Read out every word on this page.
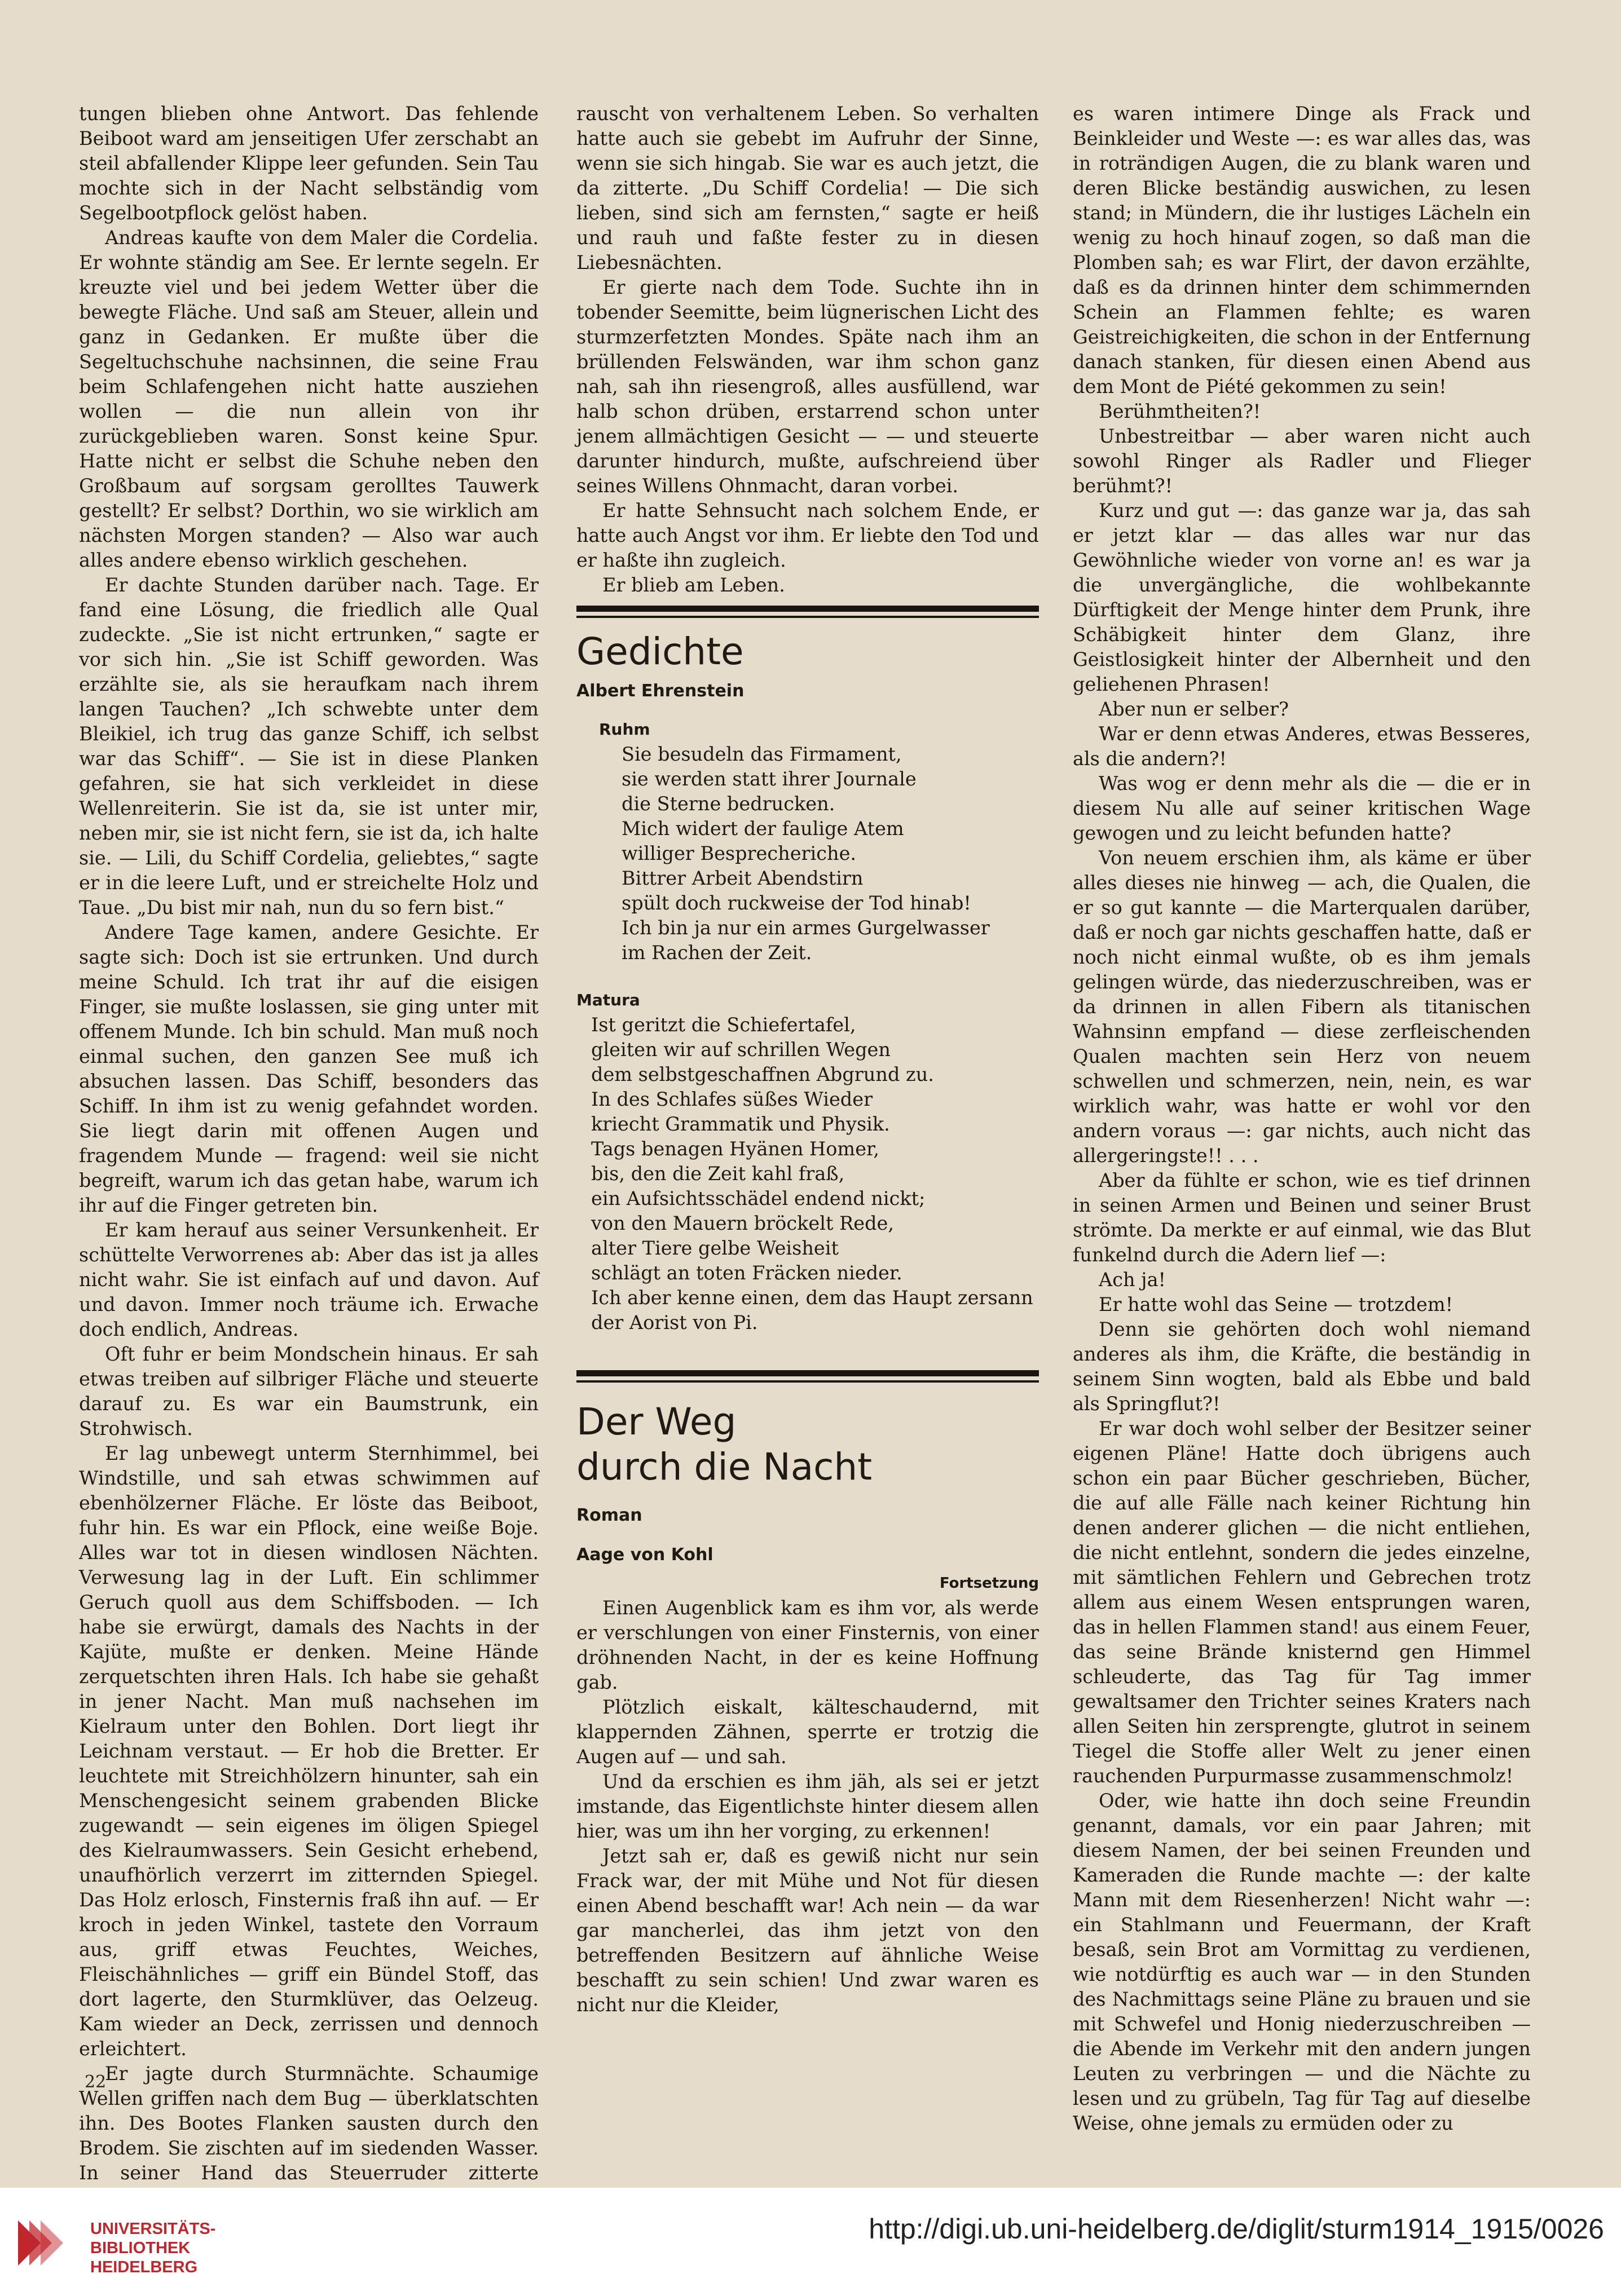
tungen blieben ohne Antwort. Das fehlende Beiboot ward am jenseitigen Ufer zerschabt an steil abfallender Klippe leer gefunden. Sein Tau mochte sich in der Nacht selbständig vom Segelbootpflock gelöst haben.
Andreas kaufte von dem Maler die Cordelia. Er wohnte ständig am See. Er lernte segeln. Er kreuzte viel und bei jedem Wetter über die bewegte Fläche. Und saß am Steuer, allein und ganz in Gedanken. Er mußte über die Segeltuchschuhe nachsinnen, die seine Frau beim Schlafengehen nicht hatte ausziehen wollen — die nun allein von ihr zurückgeblieben waren. Sonst keine Spur. Hatte nicht er selbst die Schuhe neben den Großbaum auf sorgsam gerolltes Tauwerk gestellt? Er selbst? Dorthin, wo sie wirklich am nächsten Morgen standen? — Also war auch alles andere ebenso wirklich geschehen.
Er dachte Stunden darüber nach. Tage. Er fand eine Lösung, die friedlich alle Qual zudeckte. „Sie ist nicht ertrunken,“ sagte er vor sich hin. „Sie ist Schiff geworden. Was erzählte sie, als sie heraufkam nach ihrem langen Tauchen? „Ich schwebte unter dem Bleikiel, ich trug das ganze Schiff, ich selbst war das Schiff“. — Sie ist in diese Planken gefahren, sie hat sich verkleidet in diese Wellenreiterin. Sie ist da, sie ist unter mir, neben mir, sie ist nicht fern, sie ist da, ich halte sie. — Lili, du Schiff Cordelia, geliebtes,“ sagte er in die leere Luft, und er streichelte Holz und Taue. „Du bist mir nah, nun du so fern bist.“
Andere Tage kamen, andere Gesichte. Er sagte sich: Doch ist sie ertrunken. Und durch meine Schuld. Ich trat ihr auf die eisigen Finger, sie mußte loslassen, sie ging unter mit offenem Munde. Ich bin schuld. Man muß noch einmal suchen, den ganzen See muß ich absuchen lassen. Das Schiff, besonders das Schiff. In ihm ist zu wenig gefahndet worden. Sie liegt darin mit offenen Augen und fragendem Munde — fragend: weil sie nicht begreift, warum ich das getan habe, warum ich ihr auf die Finger getreten bin.
Er kam herauf aus seiner Versunkenheit. Er schüttelte Verworrenes ab: Aber das ist ja alles nicht wahr. Sie ist einfach auf und davon. Auf und davon. Immer noch träume ich. Erwache doch endlich, Andreas.
Oft fuhr er beim Mondschein hinaus. Er sah etwas treiben auf silbriger Fläche und steuerte darauf zu. Es war ein Baumstrunk, ein Strohwisch.
Er lag unbewegt unterm Sternhimmel, bei Windstille, und sah etwas schwimmen auf ebenhölzerner Fläche. Er löste das Beiboot, fuhr hin. Es war ein Pflock, eine weiße Boje. Alles war tot in diesen windlosen Nächten. Verwesung lag in der Luft. Ein schlimmer Geruch quoll aus dem Schiffsboden. — Ich habe sie erwürgt, damals des Nachts in der Kajüte, mußte er denken. Meine Hände zerquetschten ihren Hals. Ich habe sie gehaßt in jener Nacht. Man muß nachsehen im Kielraum unter den Bohlen. Dort liegt ihr Leichnam verstaut. — Er hob die Bretter. Er leuchtete mit Streichhölzern hinunter, sah ein Menschengesicht seinem grabenden Blicke zugewandt — sein eigenes im öligen Spiegel des Kielraumwassers. Sein Gesicht erhebend, unaufhörlich verzerrt im zitternden Spiegel. Das Holz erlosch, Finsternis fraß ihn auf. — Er kroch in jeden Winkel, tastete den Vorraum aus, griff etwas Feuchtes, Weiches, Fleischähnliches — griff ein Bündel Stoff, das dort lagerte, den Sturmklüver, das Oelzeug. Kam wieder an Deck, zerrissen und dennoch erleichtert.
Er jagte durch Sturmnächte. Schaumige Wellen griffen nach dem Bug — überklatschten ihn. Des Bootes Flanken sausten durch den Brodem. Sie zischten auf im siedenden Wasser. In seiner Hand das Steuerruder zitterte
rauscht von verhaltenem Leben. So verhalten hatte auch sie gebebt im Aufruhr der Sinne, wenn sie sich hingab. Sie war es auch jetzt, die da zitterte. „Du Schiff Cordelia! — Die sich lieben, sind sich am fernsten,“ sagte er heiß und rauh und faßte fester zu in diesen Liebesnächten.
Er gierte nach dem Tode. Suchte ihn in tobender Seemitte, beim lügnerischen Licht des sturmzerfetzten Mondes. Späte nach ihm an brüllenden Felswänden, war ihm schon ganz nah, sah ihn riesengroß, alles ausfüllend, war halb schon drüben, erstarrend schon unter jenem allmächtigen Gesicht — — und steuerte darunter hindurch, mußte, aufschreiend über seines Willens Ohnmacht, daran vorbei.
Er hatte Sehnsucht nach solchem Ende, er hatte auch Angst vor ihm. Er liebte den Tod und er haßte ihn zugleich.
Er blieb am Leben.
Gedichte
Albert Ehrenstein
Ruhm
Sie besudeln das Firmament,
sie werden statt ihrer Journale
die Sterne bedrucken.
Mich widert der faulige Atem
williger Besprecheriche.
Bittrer Arbeit Abendstirn
spült doch ruckweise der Tod hinab!
Ich bin ja nur ein armes Gurgelwasser
im Rachen der Zeit.
Matura
Ist geritzt die Schiefertafel,
gleiten wir auf schrillen Wegen
dem selbstgeschaffnen Abgrund zu.
In des Schlafes süßes Wieder
kriecht Grammatik und Physik.
Tags benagen Hyänen Homer,
bis, den die Zeit kahl fraß,
ein Aufsichtsschädel endend nickt;
von den Mauern bröckelt Rede,
alter Tiere gelbe Weisheit
schlägt an toten Fräcken nieder.
Ich aber kenne einen, dem das Haupt zersann
der Aorist von Pi.
Der Weg
durch die Nacht
Roman
Aage von Kohl
Fortsetzung
Einen Augenblick kam es ihm vor, als werde er verschlungen von einer Finsternis, von einer dröhnenden Nacht, in der es keine Hoffnung gab.
Plötzlich eiskalt, kälteschaudernd, mit klappernden Zähnen, sperrte er trotzig die Augen auf — und sah.
Und da erschien es ihm jäh, als sei er jetzt imstande, das Eigentlichste hinter diesem allen hier, was um ihn her vorging, zu erkennen!
Jetzt sah er, daß es gewiß nicht nur sein Frack war, der mit Mühe und Not für diesen einen Abend beschafft war! Ach nein — da war gar mancherlei, das ihm jetzt von den betreffenden Besitzern auf ähnliche Weise beschafft zu sein schien! Und zwar waren es nicht nur die Kleider,
es waren intimere Dinge als Frack und Beinkleider und Weste —: es war alles das, was in roträndigen Augen, die zu blank waren und deren Blicke beständig auswichen, zu lesen stand; in Mündern, die ihr lustiges Lächeln ein wenig zu hoch hinauf zogen, so daß man die Plomben sah; es war Flirt, der davon erzählte, daß es da drinnen hinter dem schimmernden Schein an Flammen fehlte; es waren Geistreichigkeiten, die schon in der Entfernung danach stanken, für diesen einen Abend aus dem Mont de Piété gekommen zu sein!
Berühmtheiten?!
Unbestreitbar — aber waren nicht auch sowohl Ringer als Radler und Flieger berühmt?!
Kurz und gut —: das ganze war ja, das sah er jetzt klar — das alles war nur das Gewöhnliche wieder von vorne an! es war ja die unvergängliche, die wohlbekannte Dürftigkeit der Menge hinter dem Prunk, ihre Schäbigkeit hinter dem Glanz, ihre Geistlosigkeit hinter der Albernheit und den geliehenen Phrasen!
Aber nun er selber?
War er denn etwas Anderes, etwas Besseres, als die andern?!
Was wog er denn mehr als die — die er in diesem Nu alle auf seiner kritischen Wage gewogen und zu leicht befunden hatte?
Von neuem erschien ihm, als käme er über alles dieses nie hinweg — ach, die Qualen, die er so gut kannte — die Marterqualen darüber, daß er noch gar nichts geschaffen hatte, daß er noch nicht einmal wußte, ob es ihm jemals gelingen würde, das niederzuschreiben, was er da drinnen in allen Fibern als titanischen Wahnsinn empfand — diese zerfleischenden Qualen machten sein Herz von neuem schwellen und schmerzen, nein, nein, es war wirklich wahr, was hatte er wohl vor den andern voraus —: gar nichts, auch nicht das allergeringste!! . . .
Aber da fühlte er schon, wie es tief drinnen in seinen Armen und Beinen und seiner Brust strömte. Da merkte er auf einmal, wie das Blut funkelnd durch die Adern lief —:
Ach ja!
Er hatte wohl das Seine — trotzdem!
Denn sie gehörten doch wohl niemand anderes als ihm, die Kräfte, die beständig in seinem Sinn wogten, bald als Ebbe und bald als Springflut?!
Er war doch wohl selber der Besitzer seiner eigenen Pläne! Hatte doch übrigens auch schon ein paar Bücher geschrieben, Bücher, die auf alle Fälle nach keiner Richtung hin denen anderer glichen — die nicht entliehen, die nicht entlehnt, sondern die jedes einzelne, mit sämtlichen Fehlern und Gebrechen trotz allem aus einem Wesen entsprungen waren, das in hellen Flammen stand! aus einem Feuer, das seine Brände knisternd gen Himmel schleuderte, das Tag für Tag immer gewaltsamer den Trichter seines Kraters nach allen Seiten hin zersprengte, glutrot in seinem Tiegel die Stoffe aller Welt zu jener einen rauchenden Purpurmasse zusammenschmolz!
Oder, wie hatte ihn doch seine Freundin genannt, damals, vor ein paar Jahren; mit diesem Namen, der bei seinen Freunden und Kameraden die Runde machte —: der kalte Mann mit dem Riesenherzen! Nicht wahr —: ein Stahlmann und Feuermann, der Kraft besaß, sein Brot am Vormittag zu verdienen, wie notdürftig es auch war — in den Stunden des Nachmittags seine Pläne zu brauen und sie mit Schwefel und Honig niederzuschreiben — die Abende im Verkehr mit den andern jungen Leuten zu verbringen — und die Nächte zu lesen und zu grübeln, Tag für Tag auf dieselbe Weise, ohne jemals zu ermüden oder zu
22
UNIVERSITÄTS-
BIBLIOTHEK
HEIDELBERG
http://digi.ub.uni-heidelberg.de/diglit/sturm1914_1915/0026
